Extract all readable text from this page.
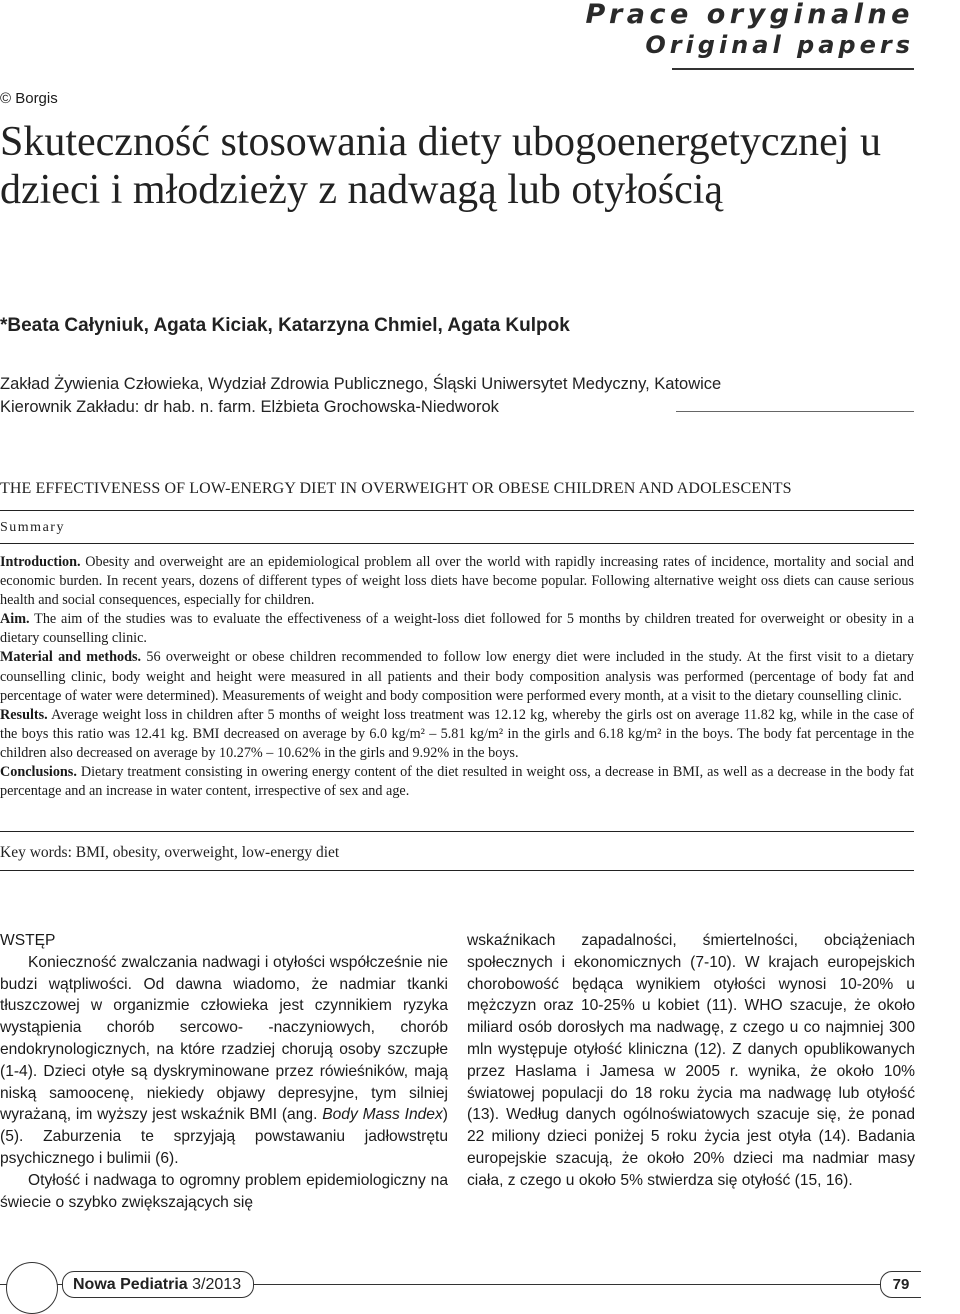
Prace oryginalne
Original papers
© Borgis
Skuteczność stosowania diety ubogoenergetycznej u dzieci i młodzieży z nadwagą lub otyłością
*Beata Całyniuk, Agata Kiciak, Katarzyna Chmiel, Agata Kulpok
Zakład Żywienia Człowieka, Wydział Zdrowia Publicznego, Śląski Uniwersytet Medyczny, Katowice
Kierownik Zakładu: dr hab. n. farm. Elżbieta Grochowska-Niedworok
THE EFFECTIVENESS OF LOW-ENERGY DIET IN OVERWEIGHT OR OBESE CHILDREN AND ADOLESCENTS
Summary

Introduction. Obesity and overweight are an epidemiological problem all over the world with rapidly increasing rates of incidence, mortality and social and economic burden. In recent years, dozens of different types of weight loss diets have become popular. Following alternative weight oss diets can cause serious health and social consequences, especially for children.

Aim. The aim of the studies was to evaluate the effectiveness of a weight-loss diet followed for 5 months by children treated for overweight or obesity in a dietary counselling clinic.

Material and methods. 56 overweight or obese children recommended to follow low energy diet were included in the study. At the first visit to a dietary counselling clinic, body weight and height were measured in all patients and their body composition analysis was performed (percentage of body fat and percentage of water were determined). Measurements of weight and body composition were performed every month, at a visit to the dietary counselling clinic.

Results. Average weight loss in children after 5 months of weight loss treatment was 12.12 kg, whereby the girls ost on average 11.82 kg, while in the case of the boys this ratio was 12.41 kg. BMI decreased on average by 6.0 kg/m² – 5.81 kg/m² in the girls and 6.18 kg/m² in the boys. The body fat percentage in the children also decreased on average by 10.27% – 10.62% in the girls and 9.92% in the boys.

Conclusions. Dietary treatment consisting in owering energy content of the diet resulted in weight oss, a decrease in BMI, as well as a decrease in the body fat percentage and an increase in water content, irrespective of sex and age.

Key words: BMI, obesity, overweight, low-energy diet
WSTĘP

Konieczność zwalczania nadwagi i otyłości współcześnie nie budzi wątpliwości. Od dawna wiadomo, że nadmiar tkanki tłuszczowej w organizmie człowieka jest czynnikiem ryzyka wystąpienia chorób sercowo- -naczyniowych, chorób endokrynologicznych, na które rzadziej chorują osoby szczupłe (1-4). Dzieci otyłe są dyskryminowane przez rówieśników, mają niską samoocenę, niekiedy objawy depresyjne, tym silniej wyrażaną, im wyższy jest wskaźnik BMI (ang. Body Mass Index) (5). Zaburzenia te sprzyjają powstawaniu jadłowstrętu psychicznego i bulimii (6).

Otyłość i nadwaga to ogromny problem epidemiologiczny na świecie o szybko zwiększających się

wskaźnikach zapadalności, śmiertelności, obciążeniach społecznych i ekonomicznych (7-10). W krajach europejskich chorobowość będąca wynikiem otyłości wynosi 10-20% u mężczyzn oraz 10-25% u kobiet (11). WHO szacuje, że około miliard osób dorosłych ma nadwagę, z czego u co najmniej 300 mln występuje otyłość kliniczna (12). Z danych opublikowanych przez Haslama i Jamesa w 2005 r. wynika, że około 10% światowej populacji do 18 roku życia ma nadwagę lub otyłość (13). Według danych ogólnoświatowych szacuje się, że ponad 22 miliony dzieci poniżej 5 roku życia jest otyła (14). Badania europejskie szacują, że około 20% dzieci ma nadmiar masy ciała, z czego u około 5% stwierdza się otyłość (15, 16).

Nowa Pediatria 3/2013	79
